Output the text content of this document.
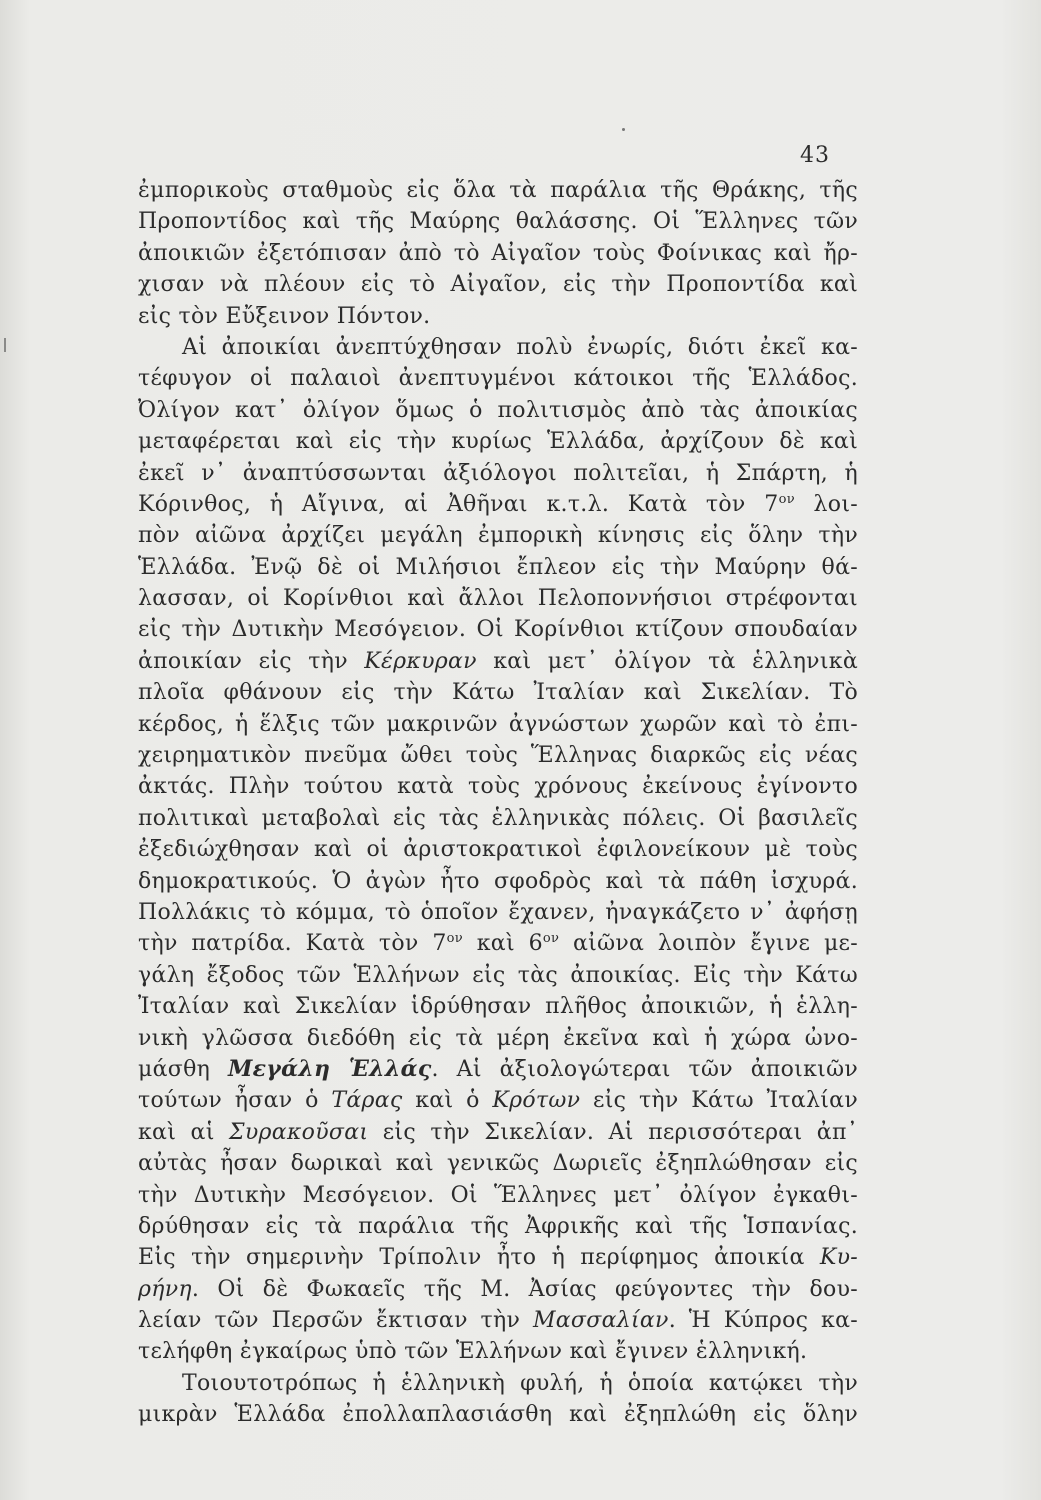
43
ἐμπορικοὺς σταθμοὺς εἰς ὅλα τὰ παράλια τῆς Θράκης, τῆς
Προποντίδος καὶ τῆς Μαύρης θαλάσσης. Οἱ Ἕλληνες τῶν
ἀποικιῶν ἐξετόπισαν ἀπὸ τὸ Αἰγαῖον τοὺς Φοίνικας καὶ ἤρ-
χισαν νὰ πλέουν εἰς τὸ Αἰγαῖον, εἰς τὴν Προποντίδα καὶ
εἰς τὸν Εὔξεινον Πόντον.
Αἱ ἀποικίαι ἀνεπτύχθησαν πολὺ ἐνωρίς, διότι ἐκεῖ κα-
τέφυγον οἱ παλαιοὶ ἀνεπτυγμένοι κάτοικοι τῆς Ἑλλάδος.
Ὀλίγον κατ᾿ ὀλίγον ὅμως ὁ πολιτισμὸς ἀπὸ τὰς ἀποικίας
μεταφέρεται καὶ εἰς τὴν κυρίως Ἑλλάδα, ἀρχίζουν δὲ καὶ
ἐκεῖ ν᾿ ἀναπτύσσωνται ἀξιόλογοι πολιτεῖαι, ἡ Σπάρτη, ἡ
Κόρινθος, ἡ Αἴγινα, αἱ Ἀθῆναι κ.τ.λ. Κατὰ τὸν $7^{o\nu}$ λοι-
πὸν αἰῶνα ἀρχίζει μεγάλη ἐμπορικὴ κίνησις εἰς ὅλην τὴν
Ἑλλάδα. Ἐνῷ δὲ οἱ Μιλήσιοι ἔπλεον εἰς τὴν Μαύρην θά-
λασσαν, οἱ Κορίνθιοι καὶ ἄλλοι Πελοποννήσιοι στρέφονται
εἰς τὴν Δυτικὴν Μεσόγειον. Οἱ Κορίνθιοι κτίζουν σπουδαίαν
ἀποικίαν εἰς τὴν Κέρκυραν καὶ μετ᾿ ὀλίγον τὰ ἑλληνικὰ
πλοῖα φθάνουν εἰς τὴν Κάτω Ἰταλίαν καὶ Σικελίαν. Τὸ
κέρδος, ἡ ἕλξις τῶν μακρινῶν ἀγνώστων χωρῶν καὶ τὸ ἐπι-
χειρηματικὸν πνεῦμα ὤθει τοὺς Ἕλληνας διαρκῶς εἰς νέας
ἀκτάς. Πλὴν τούτου κατὰ τοὺς χρόνους ἐκείνους ἐγίνοντο
πολιτικαὶ μεταβολαὶ εἰς τὰς ἑλληνικὰς πόλεις. Οἱ βασιλεῖς
ἐξεδιώχθησαν καὶ οἱ ἀριστοκρατικοὶ ἐφιλονείκουν μὲ τοὺς
δημοκρατικούς. Ὁ ἀγὼν ἦτο σφοδρὸς καὶ τὰ πάθη ἰσχυρά.
Πολλάκις τὸ κόμμα, τὸ ὁποῖον ἔχανεν, ἠναγκάζετο ν᾿ ἀφήσῃ
τὴν πατρίδα. Κατὰ τὸν $7^{o\nu}$ καὶ $6^{o\nu}$ αἰῶνα λοιπὸν ἔγινε με-
γάλη ἔξοδος τῶν Ἑλλήνων εἰς τὰς ἀποικίας. Εἰς τὴν Κάτω
Ἰταλίαν καὶ Σικελίαν ἱδρύθησαν πλῆθος ἀποικιῶν, ἡ ἑλλη-
νικὴ γλῶσσα διεδόθη εἰς τὰ μέρη ἐκεῖνα καὶ ἡ χώρα ὠνο-
μάσθη Μεγάλη Ἑλλάς. Αἱ ἀξιολογώτεραι τῶν ἀποικιῶν
τούτων ἦσαν ὁ Τάρας καὶ ὁ Κρότων εἰς τὴν Κάτω Ἰταλίαν
καὶ αἱ Συρακοῦσαι εἰς τὴν Σικελίαν. Αἱ περισσότεραι ἀπ᾿
αὐτὰς ἦσαν δωρικαὶ καὶ γενικῶς Δωριεῖς ἐξηπλώθησαν εἰς
τὴν Δυτικὴν Μεσόγειον. Οἱ Ἕλληνες μετ᾿ ὀλίγον ἐγκαθι-
δρύθησαν εἰς τὰ παράλια τῆς Ἀφρικῆς καὶ τῆς Ἱσπανίας.
Εἰς τὴν σημερινὴν Τρίπολιν ἦτο ἡ περίφημος ἀποικία Κυ-
ρήνη. Οἱ δὲ Φωκαεῖς τῆς Μ. Ἀσίας φεύγοντες τὴν δου-
λείαν τῶν Περσῶν ἔκτισαν τὴν Μασσαλίαν. Ἡ Κύπρος κα-
τελήφθη ἐγκαίρως ὑπὸ τῶν Ἑλλήνων καὶ ἔγινεν ἑλληνική.
Τοιουτοτρόπως ἡ ἑλληνικὴ φυλή, ἡ ὁποία κατῴκει τὴν
μικρὰν Ἑλλάδα ἐπολλαπλασιάσθη καὶ ἐξηπλώθη εἰς ὅλην
